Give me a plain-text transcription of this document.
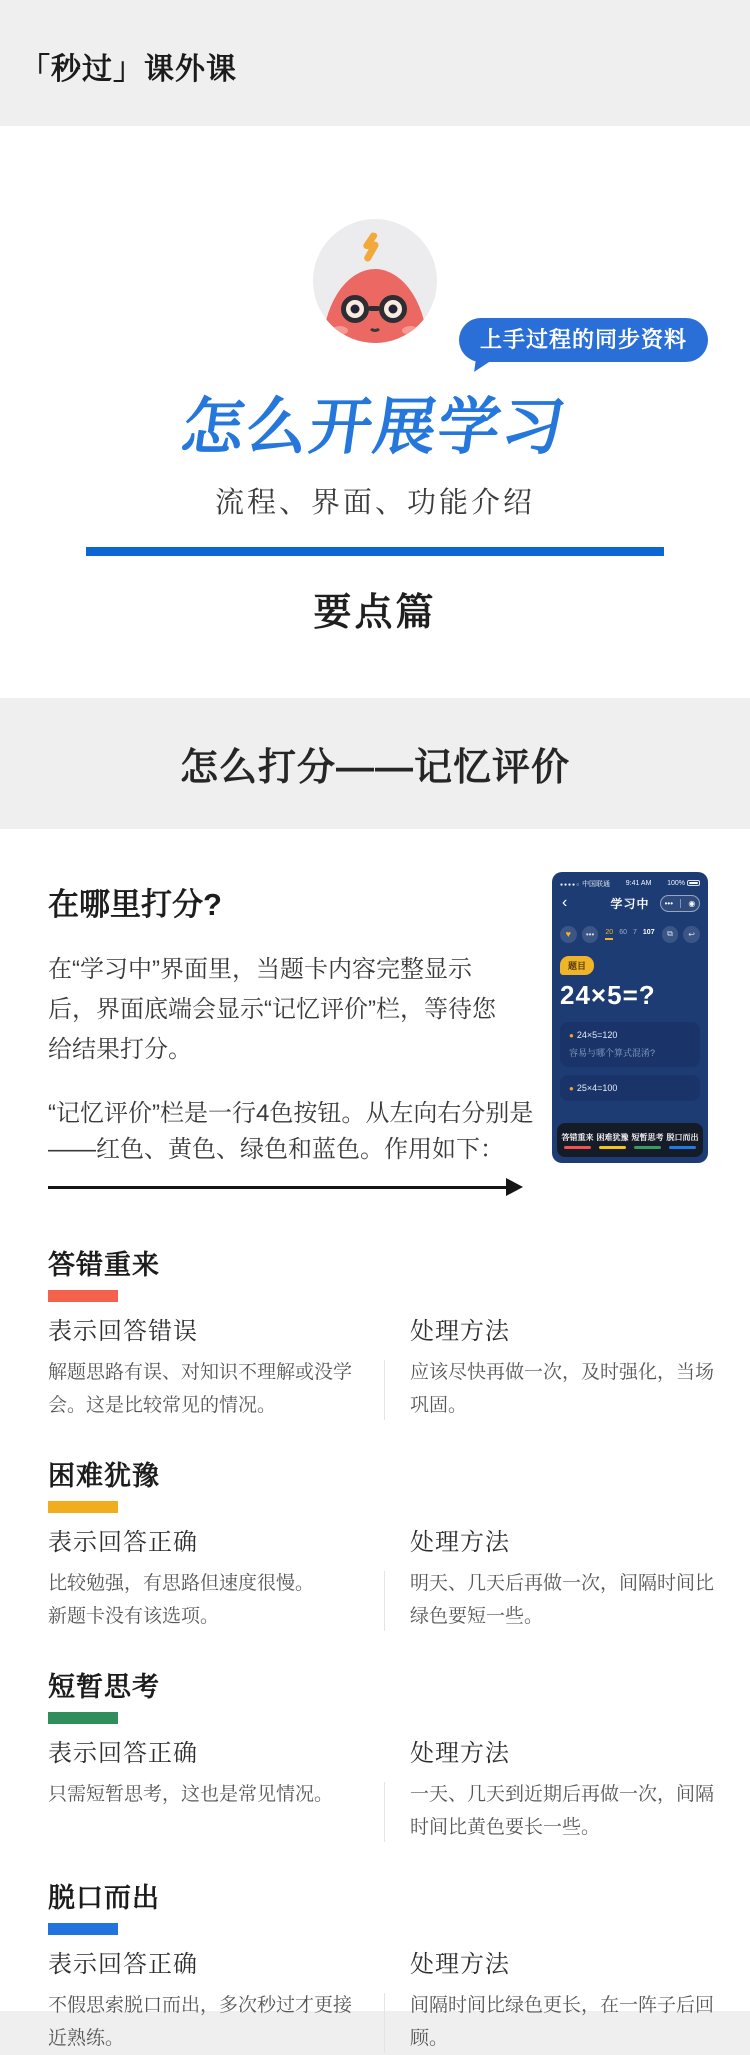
「秒过」课外课
上手过程的同步资料
怎么开展学习
流程、界面、功能介绍
要点篇
怎么打分——记忆评价
在哪里打分?
在“学习中”界面里，当题卡内容完整显示
后，界面底端会显示“记忆评价”栏，等待您
给结果打分。
“记忆评价”栏是一行4色按钮。从左向右分别是
——红色、黄色、绿色和蓝色。作用如下：
答错重来
表示回答错误
解题思路有误、对知识不理解或没学
会。这是比较常见的情况。
处理方法
应该尽快再做一次，及时强化，当场
巩固。
困难犹豫
表示回答正确
比较勉强，有思路但速度很慢。
新题卡没有该选项。
处理方法
明天、几天后再做一次，间隔时间比
绿色要短一些。
短暂思考
表示回答正确
只需短暂思考，这也是常见情况。
处理方法
一天、几天到近期后再做一次，间隔
时间比黄色要长一些。
脱口而出
表示回答正确
不假思索脱口而出，多次秒过才更接
近熟练。
处理方法
间隔时间比绿色更长，在一阵子后回
顾。
●●●●○ 中国联通 9:41 AM 100%
‹	学习中	••• ◉
♥	•••	20 60 7 107	⧉	↩
题目
24×5=?
● 24×5=120
容易与哪个算式混淆?
● 25×4=100
答错重来 困难犹豫 短暂思考 脱口而出
